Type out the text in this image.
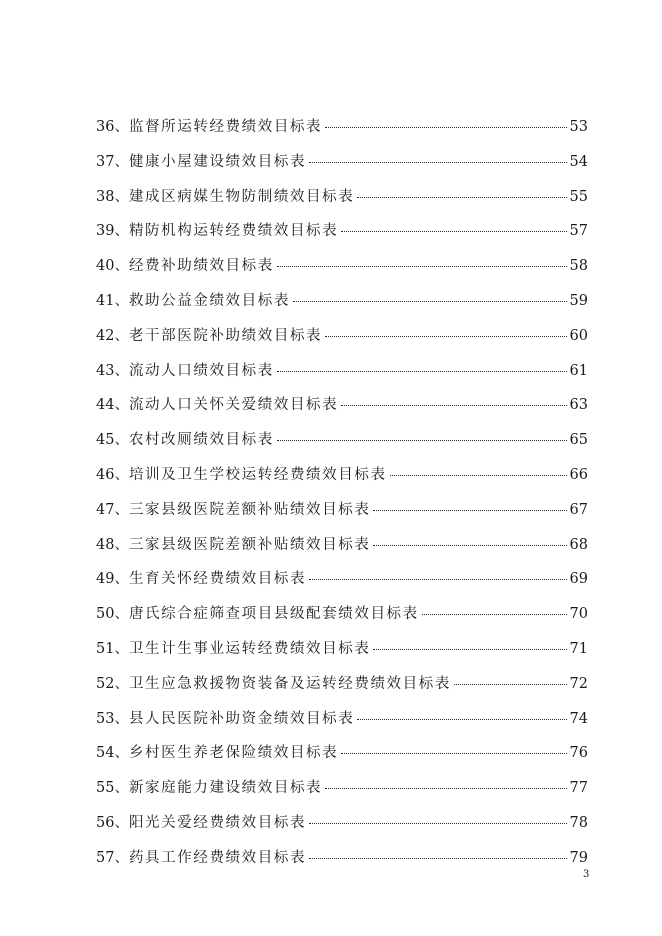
36、 监督所运转经费绩效目标表	53
37、 健康小屋建设绩效目标表	54
38、 建成区病媒生物防制绩效目标表	55
39、 精防机构运转经费绩效目标表	57
40、 经费补助绩效目标表	58
41、 救助公益金绩效目标表	59
42、 老干部医院补助绩效目标表	60
43、 流动人口绩效目标表	61
44、 流动人口关怀关爱绩效目标表	63
45、 农村改厕绩效目标表	65
46、 培训及卫生学校运转经费绩效目标表	66
47、 三家县级医院差额补贴绩效目标表	67
48、 三家县级医院差额补贴绩效目标表	68
49、 生育关怀经费绩效目标表	69
50、 唐氏综合症筛查项目县级配套绩效目标表	70
51、 卫生计生事业运转经费绩效目标表	71
52、 卫生应急救援物资装备及运转经费绩效目标表	72
53、 县人民医院补助资金绩效目标表	74
54、 乡村医生养老保险绩效目标表	76
55、 新家庭能力建设绩效目标表	77
56、 阳光关爱经费绩效目标表	78
57、 药具工作经费绩效目标表	79
3
